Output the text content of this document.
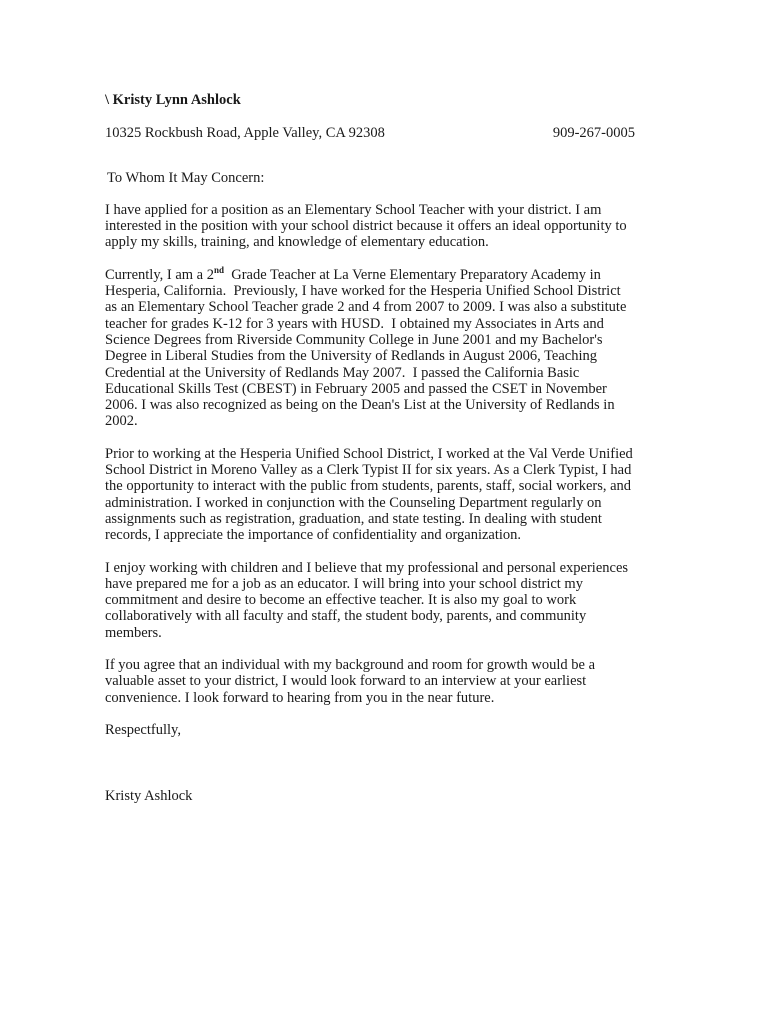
\ Kristy Lynn Ashlock

10325 Rockbush Road, Apple Valley, CA 92308	909-267-0005
To Whom It May Concern:

I have applied for a position as an Elementary School Teacher with your district. I am interested in the position with your school district because it offers an ideal opportunity to apply my skills, training, and knowledge of elementary education.

Currently, I am a 2nd  Grade Teacher at La Verne Elementary Preparatory Academy in Hesperia, California.  Previously, I have worked for the Hesperia Unified School District as an Elementary School Teacher grade 2 and 4 from 2007 to 2009. I was also a substitute teacher for grades K-12 for 3 years with HUSD.  I obtained my Associates in Arts and Science Degrees from Riverside Community College in June 2001 and my Bachelor's Degree in Liberal Studies from the University of Redlands in August 2006, Teaching Credential at the University of Redlands May 2007.  I passed the California Basic Educational Skills Test (CBEST) in February 2005 and passed the CSET in November 2006. I was also recognized as being on the Dean's List at the University of Redlands in 2002.

Prior to working at the Hesperia Unified School District, I worked at the Val Verde Unified School District in Moreno Valley as a Clerk Typist II for six years. As a Clerk Typist, I had the opportunity to interact with the public from students, parents, staff, social workers, and administration. I worked in conjunction with the Counseling Department regularly on assignments such as registration, graduation, and state testing. In dealing with student records, I appreciate the importance of confidentiality and organization.

I enjoy working with children and I believe that my professional and personal experiences have prepared me for a job as an educator. I will bring into your school district my commitment and desire to become an effective teacher. It is also my goal to work collaboratively with all faculty and staff, the student body, parents, and community members.

If you agree that an individual with my background and room for growth would be a valuable asset to your district, I would look forward to an interview at your earliest convenience. I look forward to hearing from you in the near future.

Respectfully,
Kristy Ashlock
